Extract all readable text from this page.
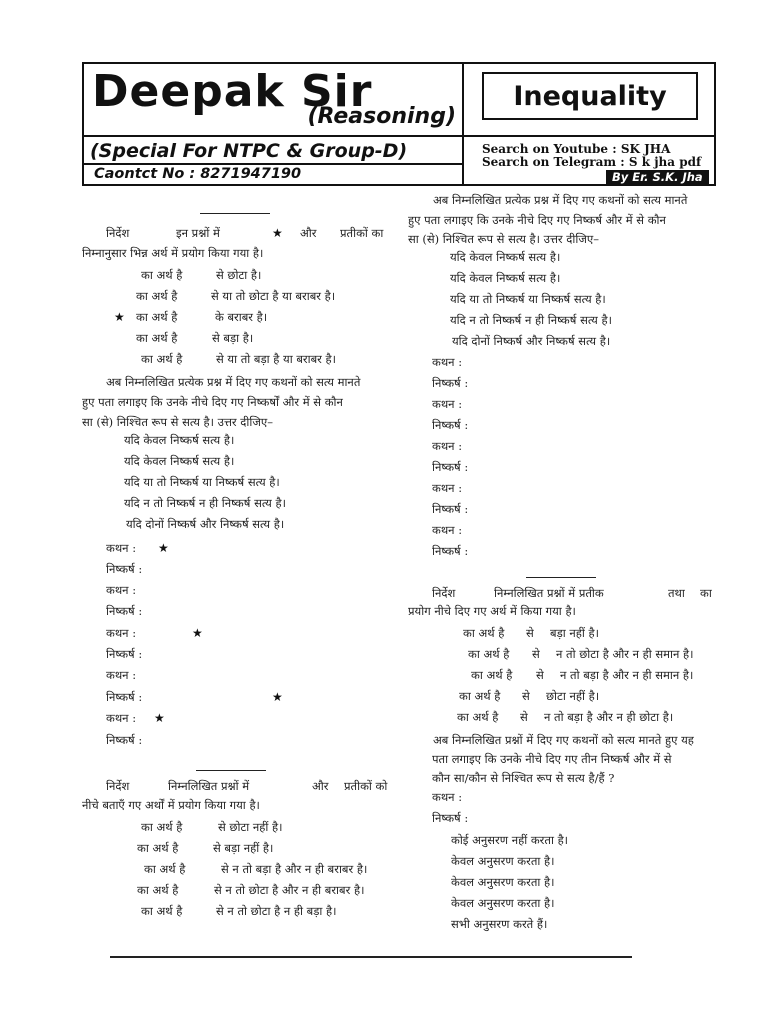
Deepak Sir
(Reasoning)
(Special For NTPC & Group-D)
Caontct No : 8271947190
Inequality
Search on Youtube : SK JHA
Search on Telegram : S k jha pdf
By Er. S.K. Jha
निर्देश	इन प्रश्नों में	★ और प्रतीकों का
निम्नानुसार भिन्न अर्थ में प्रयोग किया गया है।
का अर्थ है	से छोटा है।
का अर्थ है	से या तो छोटा है या बराबर है।
★ का अर्थ है	के बराबर है।
का अर्थ है	से बड़ा है।
का अर्थ है	से या तो बड़ा है या बराबर है।
अब निम्नलिखित प्रत्येक प्रश्न में दिए गए कथनों को सत्य मानते
हुए पता लगाइए कि उनके नीचे दिए गए निष्कर्षों और में से कौन
सा (से) निश्चित रूप से सत्य है। उत्तर दीजिए–
यदि केवल निष्कर्ष सत्य है।
यदि केवल निष्कर्ष सत्य है।
यदि या तो निष्कर्ष या निष्कर्ष सत्य है।
यदि न तो निष्कर्ष न ही निष्कर्ष सत्य है।
यदि दोनों निष्कर्ष और निष्कर्ष सत्य है।
कथन : ★
निष्कर्ष :
कथन :
निष्कर्ष :
कथन :	★
निष्कर्ष :
कथन :
निष्कर्ष :	★
कथन : ★
निष्कर्ष :
निर्देश	निम्नलिखित प्रश्नों में	और प्रतीकों को
नीचे बताएँ गए अर्थों में प्रयोग किया गया है।
का अर्थ है	से छोटा नहीं है।
का अर्थ है	से बड़ा नहीं है।
का अर्थ है	से न तो बड़ा है और न ही बराबर है।
का अर्थ है	से न तो छोटा है और न ही बराबर है।
का अर्थ है	से न तो छोटा है न ही बड़ा है।
अब निम्नलिखित प्रत्येक प्रश्न में दिए गए कथनों को सत्य मानते
हुए पता लगाइए कि उनके नीचे दिए गए निष्कर्ष और में से कौन
सा (से) निश्चित रूप से सत्य है। उत्तर दीजिए–
यदि केवल निष्कर्ष सत्य है।
यदि केवल निष्कर्ष सत्य है।
यदि या तो निष्कर्ष या निष्कर्ष सत्य है।
यदि न तो निष्कर्ष न ही निष्कर्ष सत्य है।
यदि दोनों निष्कर्ष और निष्कर्ष सत्य है।
कथन :
निष्कर्ष :
कथन :
निष्कर्ष :
कथन :
निष्कर्ष :
कथन :
निष्कर्ष :
कथन :
निष्कर्ष :
निर्देश	निम्नलिखित प्रश्नों में प्रतीक	तथा का
प्रयोग नीचे दिए गए अर्थ में किया गया है।
का अर्थ है से बड़ा नहीं है।
का अर्थ है से न तो छोटा है और न ही समान है।
का अर्थ है से न तो बड़ा है और न ही समान है।
का अर्थ है से छोटा नहीं है।
का अर्थ है से न तो बड़ा है और न ही छोटा है।
अब निम्नलिखित प्रश्नों में दिए गए कथनों को सत्य मानते हुए यह
पता लगाइए कि उनके नीचे दिए गए तीन निष्कर्ष और में से
कौन सा/कौन से निश्चित रूप से सत्य है/हैं ?
कथन :
निष्कर्ष :
कोई अनुसरण नहीं करता है।
केवल अनुसरण करता है।
केवल अनुसरण करता है।
केवल अनुसरण करता है।
सभी अनुसरण करते हैं।
